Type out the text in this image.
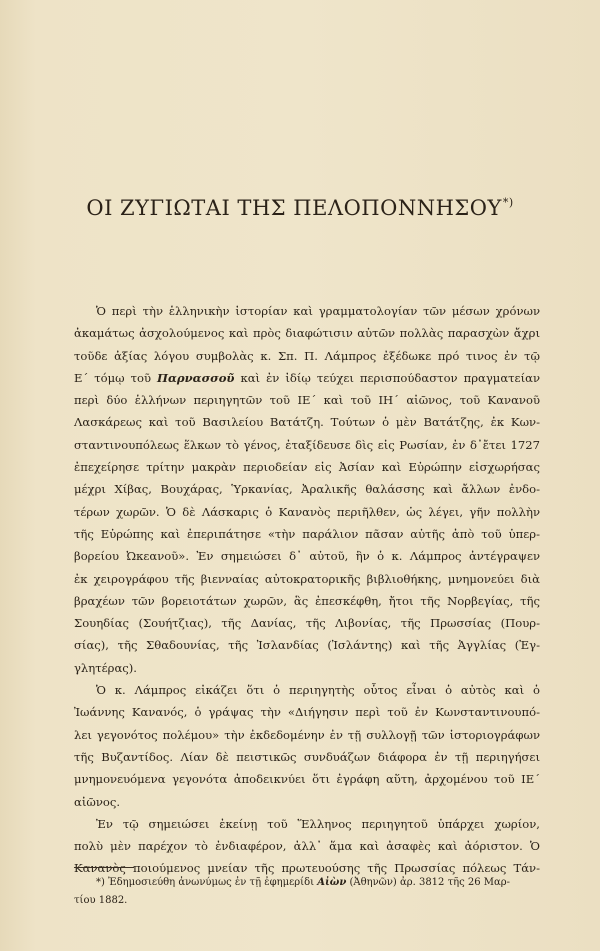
ΟΙ ΖΥΓΙΩΤΑΙ ΤΗΣ ΠΕΛΟΠΟΝΝΗΣΟΥ*)
Ὁ περὶ τὴν ἑλληνικὴν ἱστορίαν καὶ γραμματολογίαν τῶν μέσων χρόνων
ἀκαμάτως ἀσχολούμενος καὶ πρὸς διαφώτισιν αὐτῶν πολλὰς παρασχὼν ἄχρι
τοῦδε ἀξίας λόγου συμβολὰς κ. Σπ. Π. Λάμπρος ἐξέδωκε πρό τινος ἐν τῷ
Ε΄ τόμῳ τοῦ Παρνασσοῦ καὶ ἐν ἰδίῳ τεύχει περισπούδαστον πραγματείαν
περὶ δύο ἑλλήνων περιηγητῶν τοῦ ΙΕ΄ καὶ τοῦ ΙΗ΄ αἰῶνος, τοῦ Κανανοῦ
Λασκάρεως καὶ τοῦ Βασιλείου Βατάτζη. Τούτων ὁ μὲν Βατάτζης, ἐκ Κων-
σταντινουπόλεως ἕλκων τὸ γένος, ἐταξίδευσε δὶς εἰς Ρωσίαν, ἐν δ᾽ἔτει 1727
ἐπεχείρησε τρίτην μακρὰν περιοδείαν εἰς Ἀσίαν καὶ Εὐρώπην εἰσχωρήσας
μέχρι Χίβας, Βουχάρας, Ὑρκανίας, Ἀραλικῆς θαλάσσης καὶ ἄλλων ἐνδο-
τέρων χωρῶν. Ὁ δὲ Λάσκαρις ὁ Κανανὸς περιῆλθεν, ὡς λέγει, γῆν πολλὴν
τῆς Εὐρώπης καὶ ἐπεριπάτησε «τὴν παράλιον πᾶσαν αὐτῆς ἀπὸ τοῦ ὑπερ-
βορείου Ὠκεανοῦ». Ἐν σημειώσει δ᾽ αὐτοῦ, ἣν ὁ κ. Λάμπρος ἀντέγραψεν
ἐκ χειρογράφου τῆς βιενναίας αὐτοκρατορικῆς βιβλιοθήκης, μνημονεύει διὰ
βραχέων τῶν βορειοτάτων χωρῶν, ἃς ἐπεσκέφθη, ἤτοι τῆς Νορβεγίας, τῆς
Σουηδίας (Σουήτζιας), τῆς Δανίας, τῆς Λιβονίας, τῆς Πρωσσίας (Πουρ-
σίας), τῆς Σθαδουνίας, τῆς Ἰσλανδίας (Ἰσλάντης) καὶ τῆς Ἀγγλίας (Ἐγ-
γλητέρας).
Ὁ κ. Λάμπρος εἰκάζει ὅτι ὁ περιηγητὴς οὗτος εἶναι ὁ αὐτὸς καὶ ὁ
Ἰωάννης Κανανός, ὁ γράψας τὴν «Διήγησιν περὶ τοῦ ἐν Κωνσταντινουπό-
λει γεγονότος πολέμου» τὴν ἐκδεδομένην ἐν τῇ συλλογῇ τῶν ἱστοριογράφων
τῆς Βυζαντίδος. Λίαν δὲ πειστικῶς συνδυάζων διάφορα ἐν τῇ περιηγήσει
μνημονευόμενα γεγονότα ἀποδεικνύει ὅτι ἐγράφη αὕτη, ἀρχομένου τοῦ ΙΕ΄
αἰῶνος.
Ἐν τῷ σημειώσει ἐκείνῃ τοῦ Ἕλληνος περιηγητοῦ ὑπάρχει χωρίον,
πολὺ μὲν παρέχον τὸ ἐνδιαφέρον, ἀλλ᾽ ἅμα καὶ ἀσαφὲς καὶ ἀόριστον. Ὁ
Κανανὸς ποιούμενος μνείαν τῆς πρωτευούσης τῆς Πρωσσίας πόλεως Τάν-
*) Ἐδημοσιεύθη ἀνωνύμως ἐν τῇ ἐφημερίδι Αἰὼν (Ἀθηνῶν) ἀρ. 3812 τῆς 26 Μαρ-
τίου 1882.
